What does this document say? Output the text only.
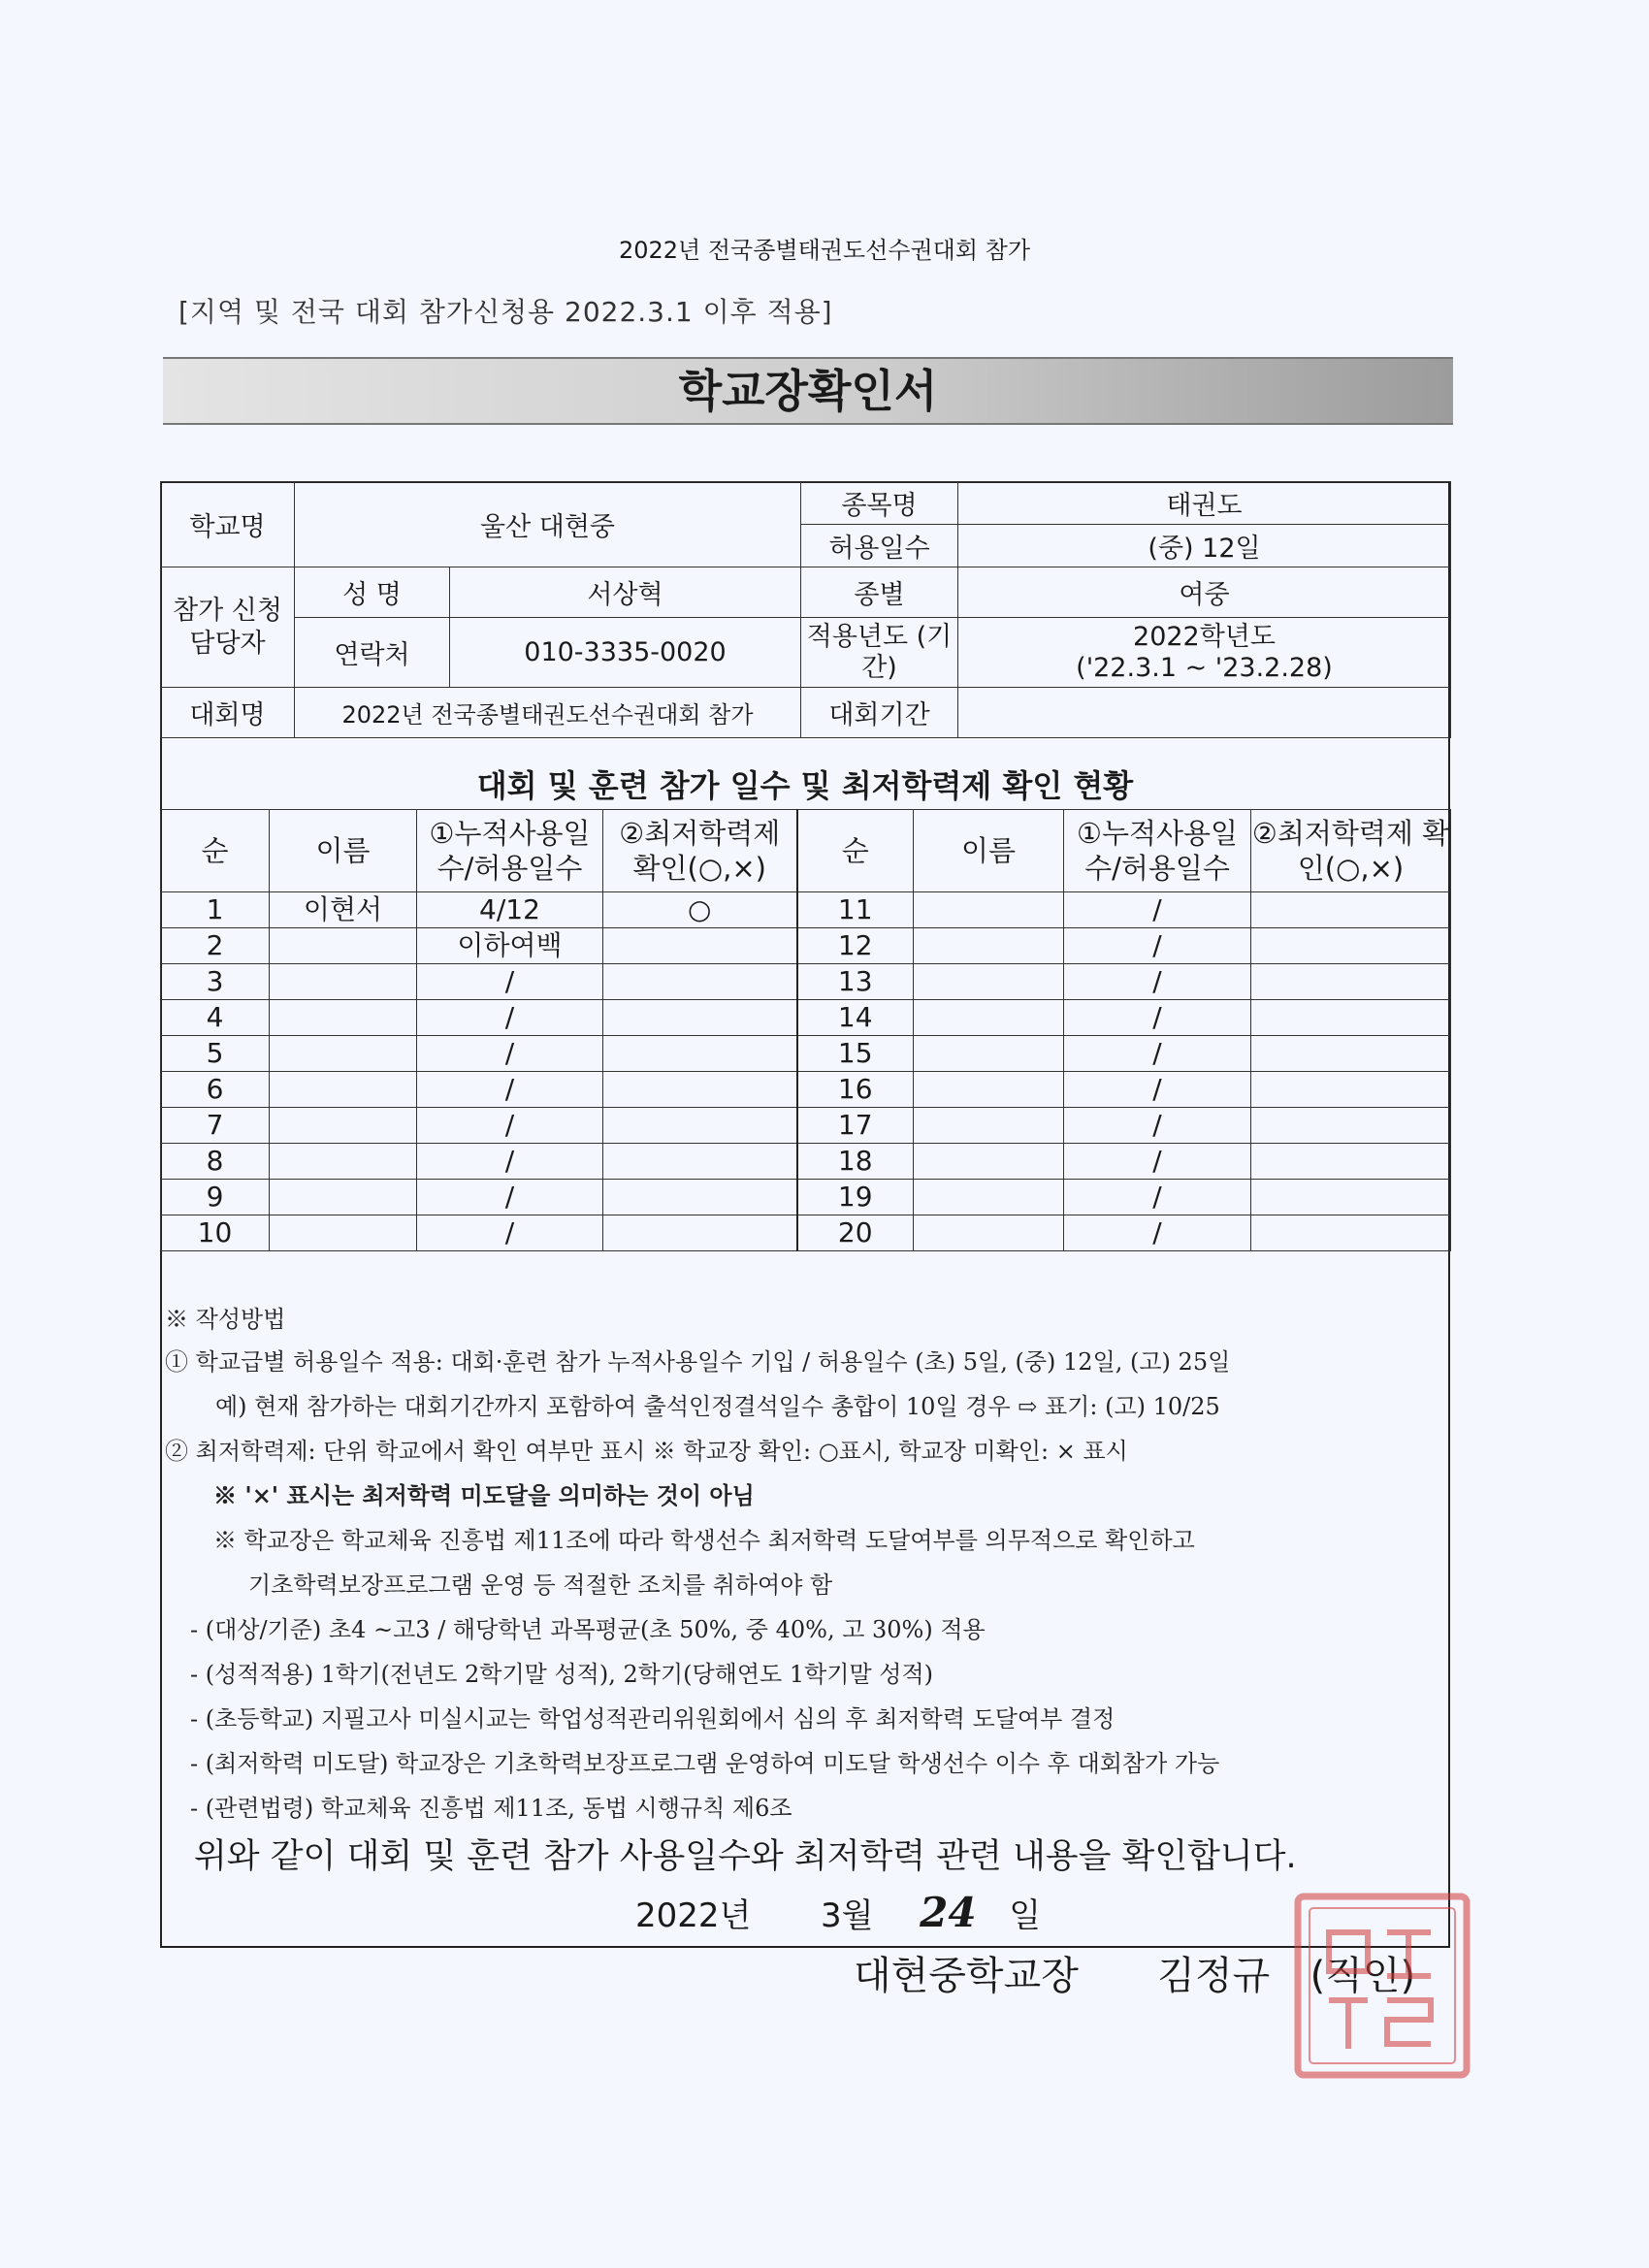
2022년 전국종별태권도선수권대회 참가
[지역 및 전국 대회 참가신청용 2022.3.1 이후 적용]
학교장확인서
학교명	울산 대현중		종목명	태권도
			허용일수	(중) 12일
참가 신청 담당자	성 명	서상혁	종별	여중
	연락처	010-3335-0020	적용년도 (기간)	2022학년도
('22.3.1 ~ '23.2.28)

대회명	2022년 전국종별태권도선수권대회 참가		대회기간	
대회 및 훈련 참가 일수 및 최저학력제 확인 현황
순	이름	①누적사용일 수/허용일수	②최저학력제 확인(○,×)	순	이름	①누적사용일 수/허용일수	②최저학력제 확인(○,×)
1	이현서	4/12	○	11		/	
2		이하여백		12		/	
3		/		13		/	
4		/		14		/	
5		/		15		/	
6		/		16		/	
7		/		17		/	
8		/		18		/	
9		/		19		/	
10		/		20		/	
※ 작성방법
① 학교급별 허용일수 적용: 대회·훈련 참가 누적사용일수 기입 / 허용일수 (초) 5일, (중) 12일, (고) 25일
예) 현재 참가하는 대회기간까지 포함하여 출석인정결석일수 총합이 10일 경우 ⇨ 표기: (고) 10/25
② 최저학력제: 단위 학교에서 확인 여부만 표시 ※ 학교장 확인: ○표시, 학교장 미확인: × 표시
※ '×' 표시는 최저학력 미도달을 의미하는 것이 아님
※ 학교장은 학교체육 진흥법 제11조에 따라 학생선수 최저학력 도달여부를 의무적으로 확인하고
기초학력보장프로그램 운영 등 적절한 조치를 취하여야 함
- (대상/기준) 초4 ~고3 / 해당학년 과목평균(초 50%, 중 40%, 고 30%) 적용
- (성적적용) 1학기(전년도 2학기말 성적), 2학기(당해연도 1학기말 성적)
- (초등학교) 지필고사 미실시교는 학업성적관리위원회에서 심의 후 최저학력 도달여부 결정
- (최저학력 미도달) 학교장은 기초학력보장프로그램 운영하여 미도달 학생선수 이수 후 대회참가 가능
- (관련법령) 학교체육 진흥법 제11조, 동법 시행규칙 제6조
위와 같이 대회 및 훈련 참가 사용일수와 최저학력 관련 내용을 확인합니다.
2022년 3월 24 일
대현중학교장 김정규 (직인)
